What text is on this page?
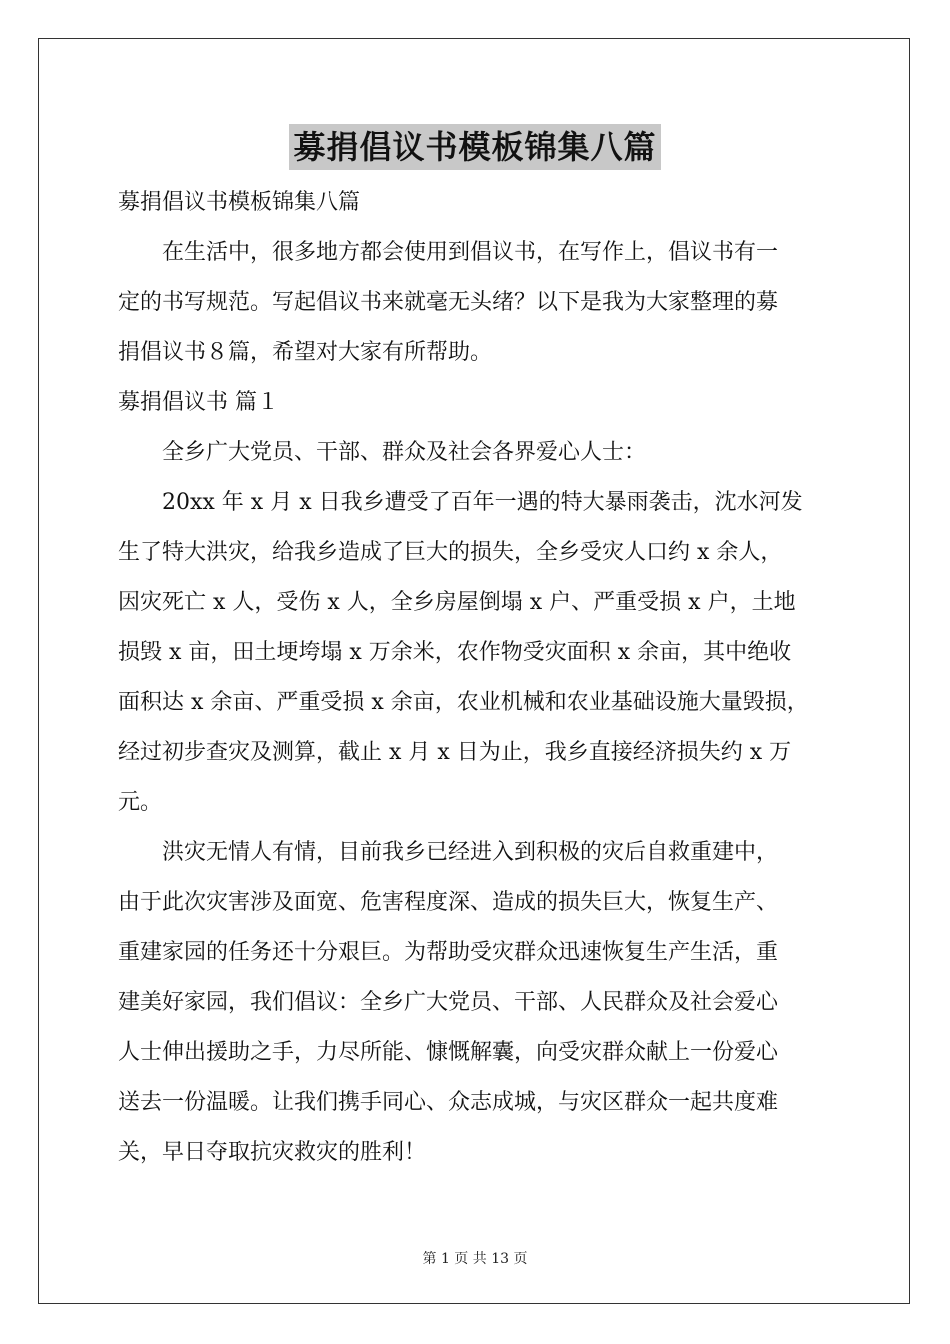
募捐倡议书模板锦集八篇
募捐倡议书模板锦集八篇
在生活中，很多地方都会使用到倡议书，在写作上，倡议书有一
定的书写规范。写起倡议书来就毫无头绪？以下是我为大家整理的募
捐倡议书８篇，希望对大家有所帮助。
募捐倡议书 篇１
全乡广大党员、干部、群众及社会各界爱心人士：
20xx 年 x 月 x 日我乡遭受了百年一遇的特大暴雨袭击，沈水河发
生了特大洪灾，给我乡造成了巨大的损失，全乡受灾人口约 x 余人，
因灾死亡 x 人，受伤 x 人，全乡房屋倒塌 x 户、严重受损 x 户，土地
损毁 x 亩，田土埂垮塌 x 万余米，农作物受灾面积 x 余亩，其中绝收
面积达 x 余亩、严重受损 x 余亩，农业机械和农业基础设施大量毁损，
经过初步查灾及测算，截止 x 月 x 日为止，我乡直接经济损失约 x 万
元。
洪灾无情人有情，目前我乡已经进入到积极的灾后自救重建中，
由于此次灾害涉及面宽、危害程度深、造成的损失巨大，恢复生产、
重建家园的任务还十分艰巨。为帮助受灾群众迅速恢复生产生活，重
建美好家园，我们倡议：全乡广大党员、干部、人民群众及社会爱心
人士伸出援助之手，力尽所能、慷慨解囊，向受灾群众献上一份爱心
送去一份温暖。让我们携手同心、众志成城，与灾区群众一起共度难
关，早日夺取抗灾救灾的胜利！
第 1 页 共 13 页
